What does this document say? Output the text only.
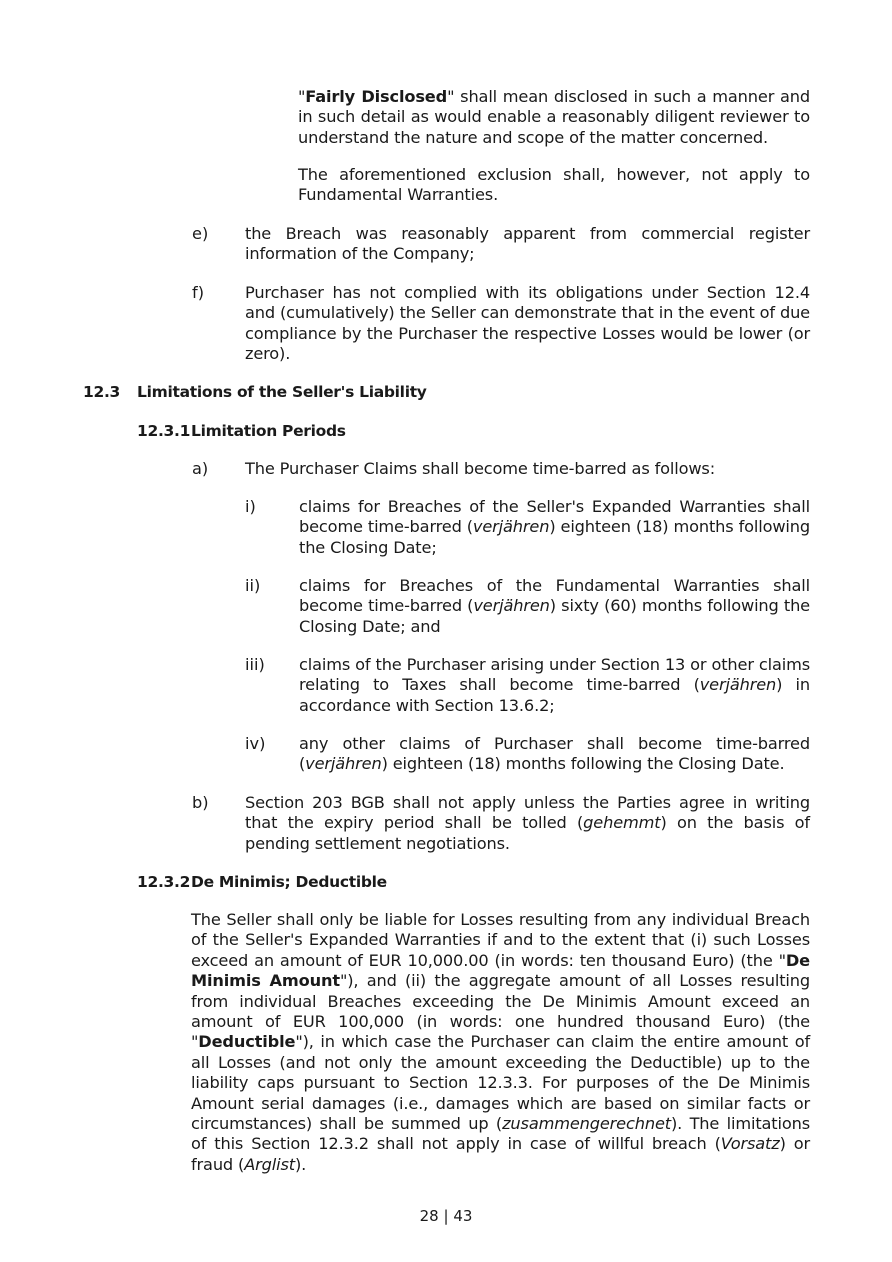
"Fairly Disclosed" shall mean disclosed in such a manner and in such detail as would enable a reasonably diligent reviewer to understand the nature and scope of the matter concerned.

The aforementioned exclusion shall, however, not apply to Fundamental Warranties.

e) the Breach was reasonably apparent from commercial register information of the Company;

f)	Purchaser has not complied with its obligations under Section 12.4 and (cumulatively) the Seller can demonstrate that in the event of due compliance by the Purchaser the respective Losses would be lower (or zero).

12.3 Limitations of the Seller's Liability
12.3.1 Limitation Periods
a) The Purchaser Claims shall become time-barred as follows:

i)	claims for Breaches of the Seller's Expanded Warranties shall become time-barred (verjähren) eighteen (18) months following the Closing Date;

ii) claims for Breaches of the Fundamental Warranties shall become time-barred (verjähren) sixty (60) months following the Closing Date; and

iii) claims of the Purchaser arising under Section 13 or other claims relating to Taxes shall become time-barred (verjähren) in accordance with Section 13.6.2;

iv) any other claims of Purchaser shall become time-barred (verjähren) eighteen (18) months following the Closing Date.

b) Section 203 BGB shall not apply unless the Parties agree in writing that the expiry period shall be tolled (gehemmt) on the basis of pending settlement negotiations.

12.3.2 De Minimis; Deductible

The Seller shall only be liable for Losses resulting from any individual Breach of the Seller's Expanded Warranties if and to the extent that (i) such Losses exceed an amount of EUR 10,000.00 (in words: ten thousand Euro) (the "De Minimis Amount"), and (ii) the aggregate amount of all Losses resulting from individual Breaches exceeding the De Minimis Amount exceed an amount of EUR 100,000 (in words: one hundred thousand Euro) (the "Deductible"), in which case the Purchaser can claim the entire amount of all Losses (and not only the amount exceeding the Deductible) up to the liability caps pursuant to Section 12.3.3. For purposes of the De Minimis Amount serial damages (i.e., damages which are based on similar facts or circumstances) shall be summed up (zusammengerechnet). The limitations of this Section 12.3.2 shall not apply in case of willful breach (Vorsatz) or fraud (Arglist).

28 | 43
